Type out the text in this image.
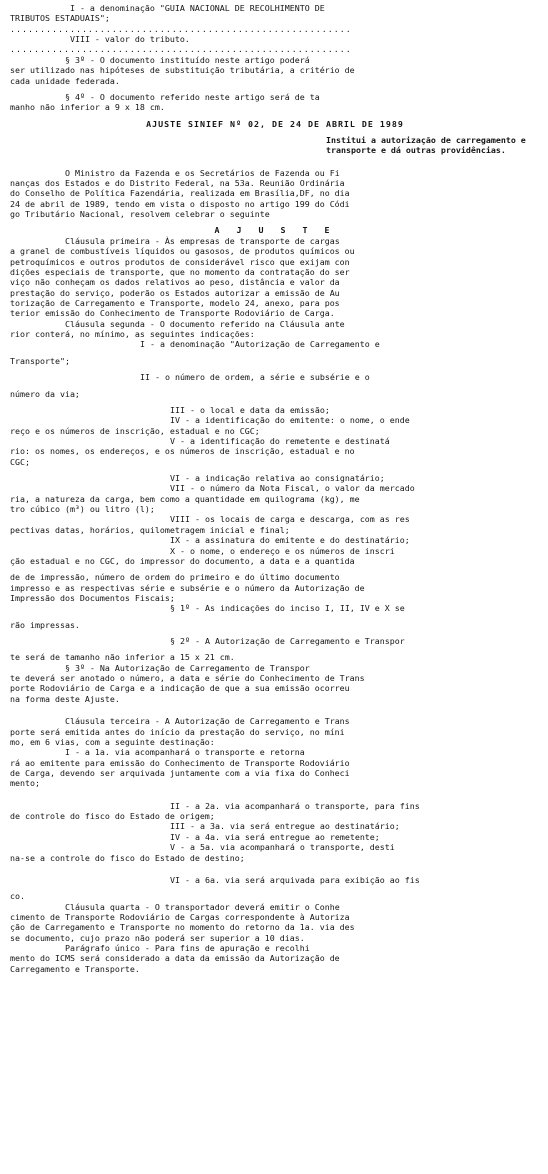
I - a denominação "GUIA NACIONAL DE RECOLHIMENTO DE

TRIBUTOS ESTADUAIS";

.........................................................

VIII - valor do tributo.

.........................................................

§ 3º - O documento instituído neste artigo poderá

ser utilizado nas hipóteses de substituição tributária, a critério de

cada unidade federada.

§ 4º - O documento referido neste artigo será de ta

manho não inferior a 9 x 18 cm.

AJUSTE SINIEF Nº 02, DE 24 DE ABRIL DE 1989

Institui a autorização de carregamento e transporte e dá outras providências.

O Ministro da Fazenda e os Secretários de Fazenda ou Fi

nanças dos Estados e do Distrito Federal, na 53a. Reunião Ordinária

do Conselho de Política Fazendária, realizada em Brasília,DF, no dia

24 de abril de 1989, tendo em vista o disposto no artigo 199 do Códi

go Tributário Nacional, resolvem celebrar o seguinte

A J U S T E

Cláusula primeira - Às empresas de transporte de cargas

a granel de combustíveis líquidos ou gasosos, de produtos químicos ou

petroquímicos e outros produtos de considerável risco que exijam con

dições especiais de transporte, que no momento da contratação do ser

viço não conheçam os dados relativos ao peso, distância e valor da

prestação do serviço, poderão os Estados autorizar a emissão de Au

torização de Carregamento e Transporte, modelo 24, anexo, para pos

terior emissão do Conhecimento de Transporte Rodoviário de Carga.

Cláusula segunda - O documento referido na Cláusula ante

rior conterá, no mínimo, as seguintes indicações:

I - a denominação "Autorização de Carregamento e

Transporte";

II - o número de ordem, a série e subsérie e o

número da via;

III - o local e data da emissão;

IV - a identificação do emitente: o nome, o ende

reço e os números de inscrição, estadual e no CGC;

V - a identificação do remetente e destinatá

rio: os nomes, os endereços, e os números de inscrição, estadual e no

CGC;

VI - a indicação relativa ao consignatário;

VII - o número da Nota Fiscal, o valor da mercado

ria, a natureza da carga, bem como a quantidade em quilograma (kg), me

tro cúbico (m³) ou litro (l);

VIII - os locais de carga e descarga, com as res

pectivas datas, horários, quilometragem inicial e final;

IX - a assinatura do emitente e do destinatário;

X - o nome, o endereço e os números de inscri

ção estadual e no CGC, do impressor do documento, a data e a quantida

de de impressão, número de ordem do primeiro e do último documento

impresso e as respectivas série e subsérie e o número da Autorização de

Impressão dos Documentos Fiscais;

§ 1º - As indicações do inciso I, II, IV e X se

rão impressas.

§ 2º - A Autorização de Carregamento e Transpor

te será de tamanho não inferior a 15 x 21 cm.

§ 3º - Na Autorização de Carregamento de Transpor

te deverá ser anotado o número, a data e série do Conhecimento de Trans

porte Rodoviário de Carga e a indicação de que a sua emissão ocorreu

na forma deste Ajuste.

Cláusula terceira - A Autorização de Carregamento e Trans

porte será emitida antes do início da prestação do serviço, no míni

mo, em 6 vias, com a seguinte destinação:

I - a 1a. via acompanhará o transporte e retorna

rá ao emitente para emissão do Conhecimento de Transporte Rodoviário

de Carga, devendo ser arquivada juntamente com a via fixa do Conheci

mento;

II - a 2a. via acompanhará o transporte, para fins

de controle do fisco do Estado de origem;

III - a 3a. via será entregue ao destinatário;

IV - a 4a. via será entregue ao remetente;

V - a 5a. via acompanhará o transporte, desti

na-se a controle do fisco do Estado de destino;

VI - a 6a. via será arquivada para exibição ao fis

co.

Cláusula quarta - O transportador deverá emitir o Conhe

cimento de Transporte Rodoviário de Cargas correspondente à Autoriza

ção de Carregamento e Transporte no momento do retorno da 1a. via des

se documento, cujo prazo não poderá ser superior a 10 dias.

Parágrafo único - Para fins de apuração e recolhi

mento do ICMS será considerado a data da emissão da Autorização de

Carregamento e Transporte.
